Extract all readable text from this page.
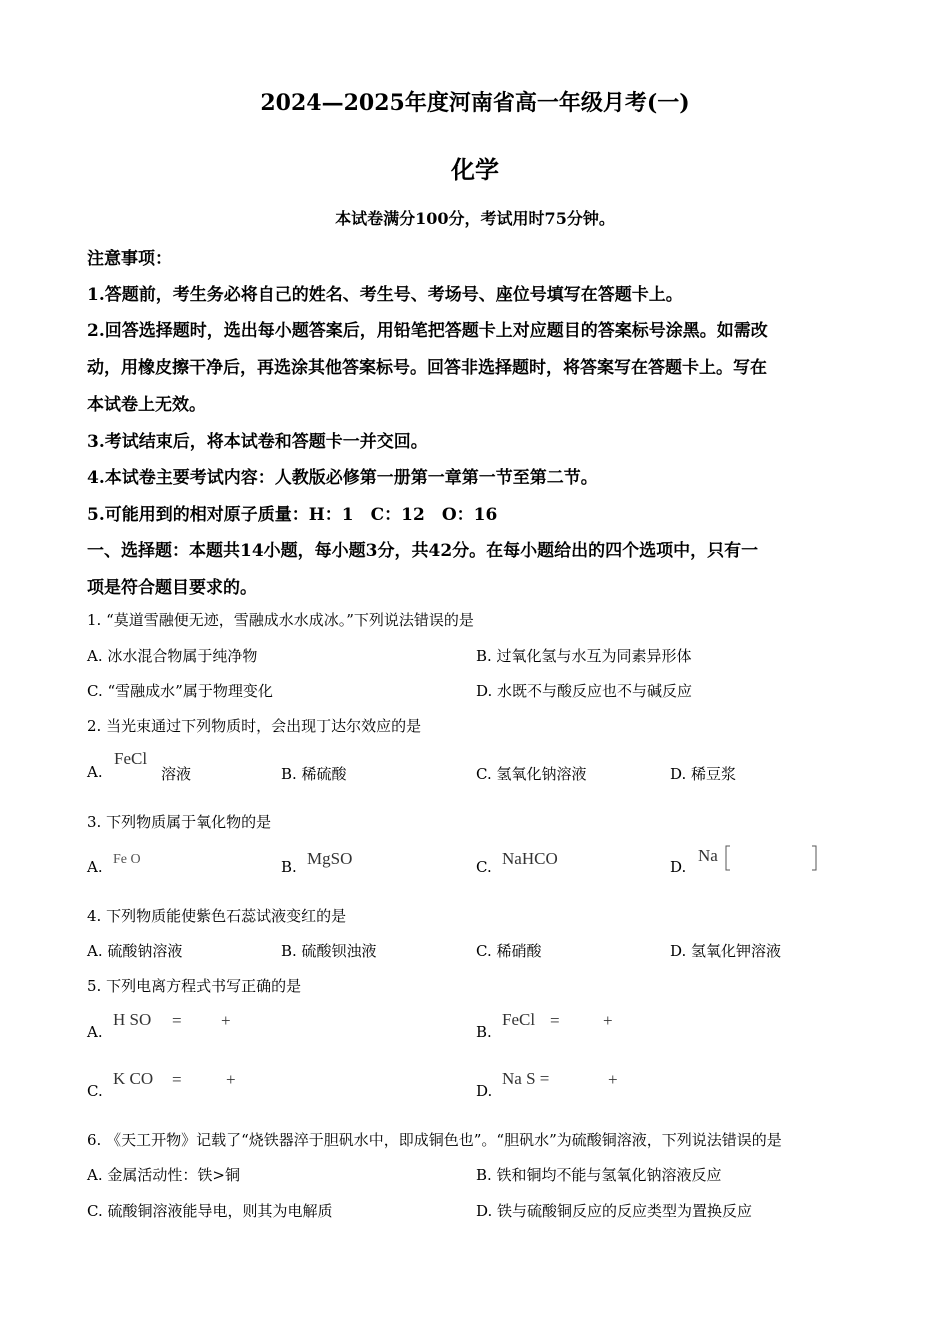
2024—2025年度河南省高一年级月考(一)
化学
本试卷满分100分，考试用时75分钟。
注意事项：
1.答题前，考生务必将自己的姓名、考生号、考场号、座位号填写在答题卡上。
2.回答选择题时，选出每小题答案后，用铅笔把答题卡上对应题目的答案标号涂黑。如需改
动，用橡皮擦干净后，再选涂其他答案标号。回答非选择题时，将答案写在答题卡上。写在
本试卷上无效。
3.考试结束后，将本试卷和答题卡一并交回。
4.本试卷主要考试内容：人教版必修第一册第一章第一节至第二节。
5.可能用到的相对原子质量：H：1　C：12　O：16
一、选择题：本题共14小题，每小题3分，共42分。在每小题给出的四个选项中，只有一
项是符合题目要求的。
1. “莫道雪融便无迹，雪融成水水成冰。”下列说法错误的是
A. 冰水混合物属于纯净物	B. 过氧化氢与水互为同素异形体
C. “雪融成水”属于物理变化	D. 水既不与酸反应也不与碱反应
2. 当光束通过下列物质时，会出现丁达尔效应的是
A.
FeCl
溶液	B. 稀硫酸	C. 氢氧化钠溶液	D. 稀豆浆
3. 下列物质属于氧化物的是
A. Fe O	B. MgSO	C. NaHCO	D.
Na
4. 下列物质能使紫色石蕊试液变红的是
A. 硫酸钠溶液	B. 硫酸钡浊液	C. 稀硝酸	D. 氢氧化钾溶液
5. 下列电离方程式书写正确的是
A.
H SO = +
B.
FeCl =	+
C.
K CO =	+
D.
Na S =	+
6. 《天工开物》记载了“烧铁器淬于胆矾水中，即成铜色也”。“胆矾水”为硫酸铜溶液，下列说法错误的是
A. 金属活动性：铁>铜	B. 铁和铜均不能与氢氧化钠溶液反应
C. 硫酸铜溶液能导电，则其为电解质	D. 铁与硫酸铜反应的反应类型为置换反应
